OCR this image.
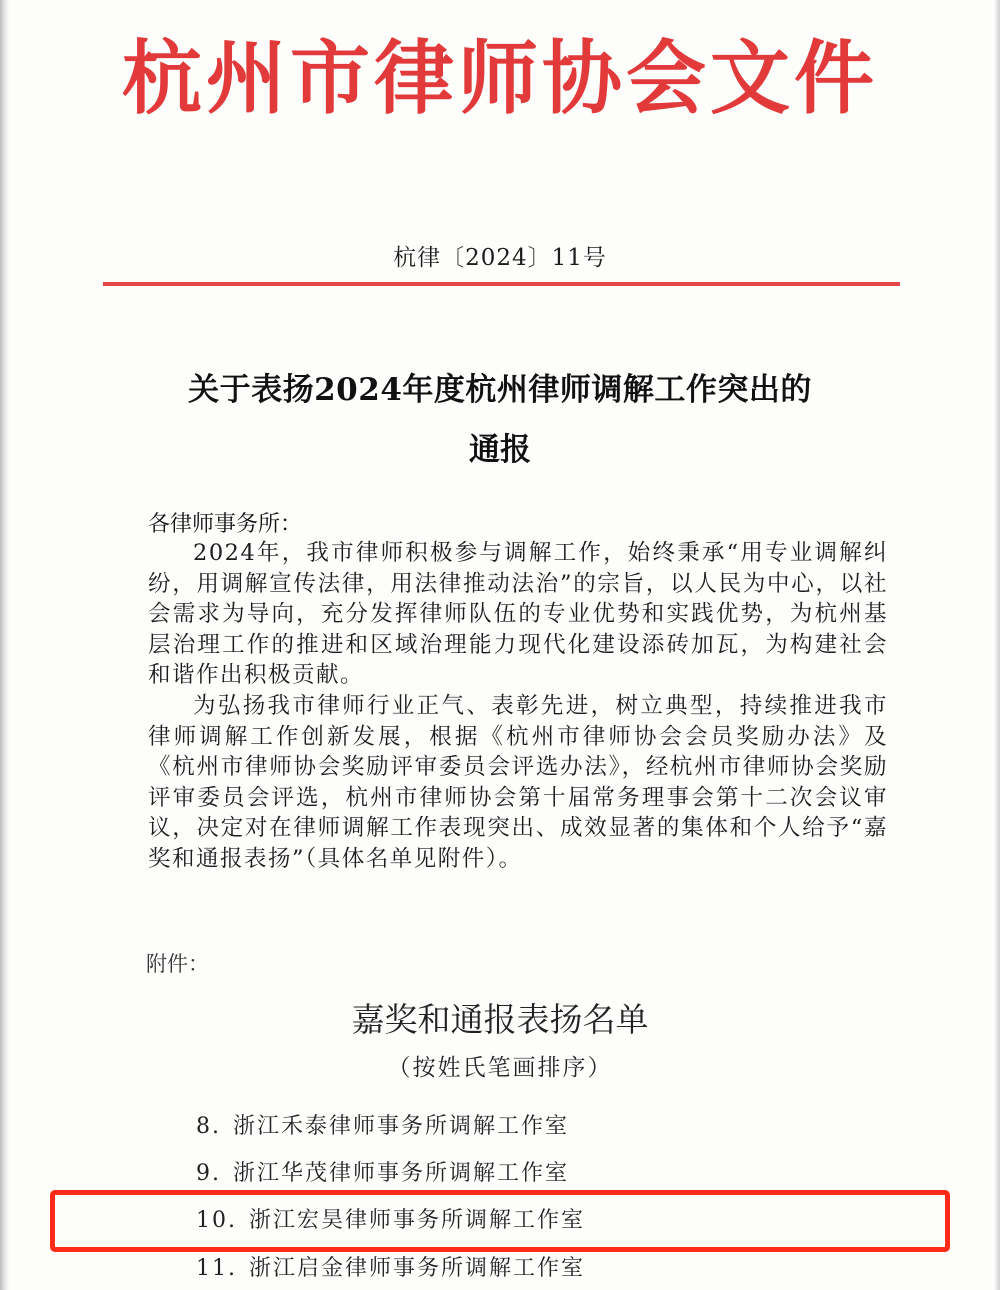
杭州市律师协会文件
杭律〔2024〕11号
关于表扬2024年度杭州律师调解工作突出的
通报
各律师事务所：

2024年，我市律师积极参与调解工作，始终秉承“用专业调解纠纷，用调解宣传法律，用法律推动法治”的宗旨，以人民为中心，以社会需求为导向，充分发挥律师队伍的专业优势和实践优势，为杭州基层治理工作的推进和区域治理能力现代化建设添砖加瓦，为构建社会和谐作出积极贡献。

为弘扬我市律师行业正气、表彰先进，树立典型，持续推进我市律师调解工作创新发展，根据《杭州市律师协会会员奖励办法》及《杭州市律师协会奖励评审委员会评选办法》，经杭州市律师协会奖励评审委员会评选，杭州市律师协会第十届常务理事会第十二次会议审议，决定对在律师调解工作表现突出、成效显著的集体和个人给予“嘉奖和通报表扬”（具体名单见附件）。

附件：
嘉奖和通报表扬名单
（按姓氏笔画排序）
8. 浙江禾泰律师事务所调解工作室
9. 浙江华茂律师事务所调解工作室
10. 浙江宏昊律师事务所调解工作室
11. 浙江启金律师事务所调解工作室
